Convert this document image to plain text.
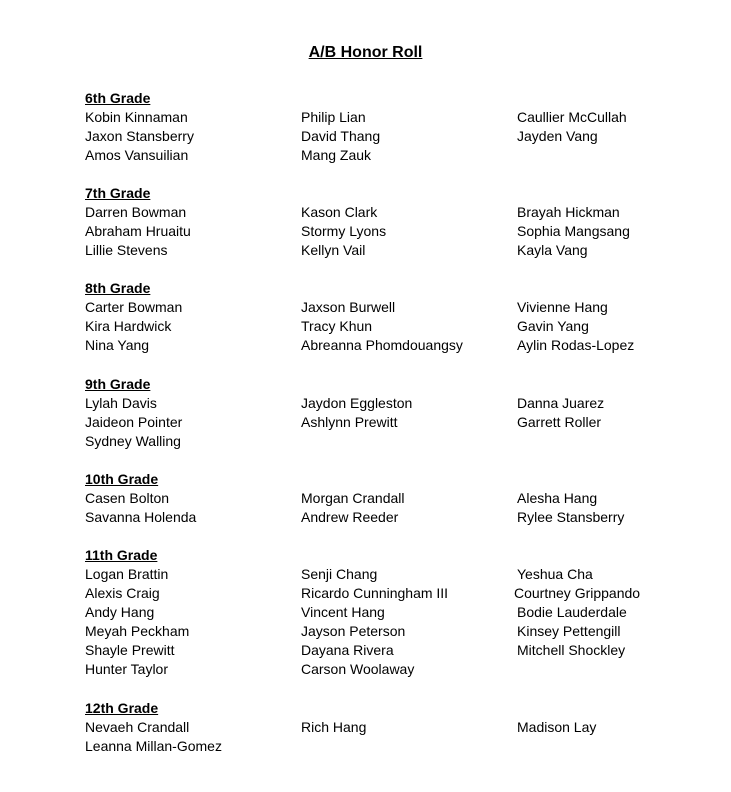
A/B Honor Roll
6th Grade
Kobin Kinnaman	Philip Lian	Caullier McCullah
Jaxon Stansberry	David Thang	Jayden Vang
Amos Vansuilian	Mang Zauk
7th Grade
Darren Bowman	Kason Clark	Brayah Hickman
Abraham Hruaitu	Stormy Lyons	Sophia Mangsang
Lillie Stevens	Kellyn Vail	Kayla Vang
8th Grade
Carter Bowman	Jaxson Burwell	Vivienne Hang
Kira Hardwick	Tracy Khun	Gavin Yang
Nina Yang	Abreanna Phomdouangsy	Aylin Rodas-Lopez
9th Grade
Lylah Davis	Jaydon Eggleston	Danna Juarez
Jaideon Pointer	Ashlynn Prewitt	Garrett Roller
Sydney Walling
10th Grade
Casen Bolton	Morgan Crandall	Alesha Hang
Savanna Holenda	Andrew Reeder	Rylee Stansberry
11th Grade
Logan Brattin	Senji Chang	Yeshua Cha
Alexis Craig	Ricardo Cunningham III	Courtney Grippando
Andy Hang	Vincent Hang	Bodie Lauderdale
Meyah Peckham	Jayson Peterson	Kinsey Pettengill
Shayle Prewitt	Dayana Rivera	Mitchell Shockley
Hunter Taylor	Carson Woolaway
12th Grade
Nevaeh Crandall	Rich Hang	Madison Lay
Leanna Millan-Gomez
